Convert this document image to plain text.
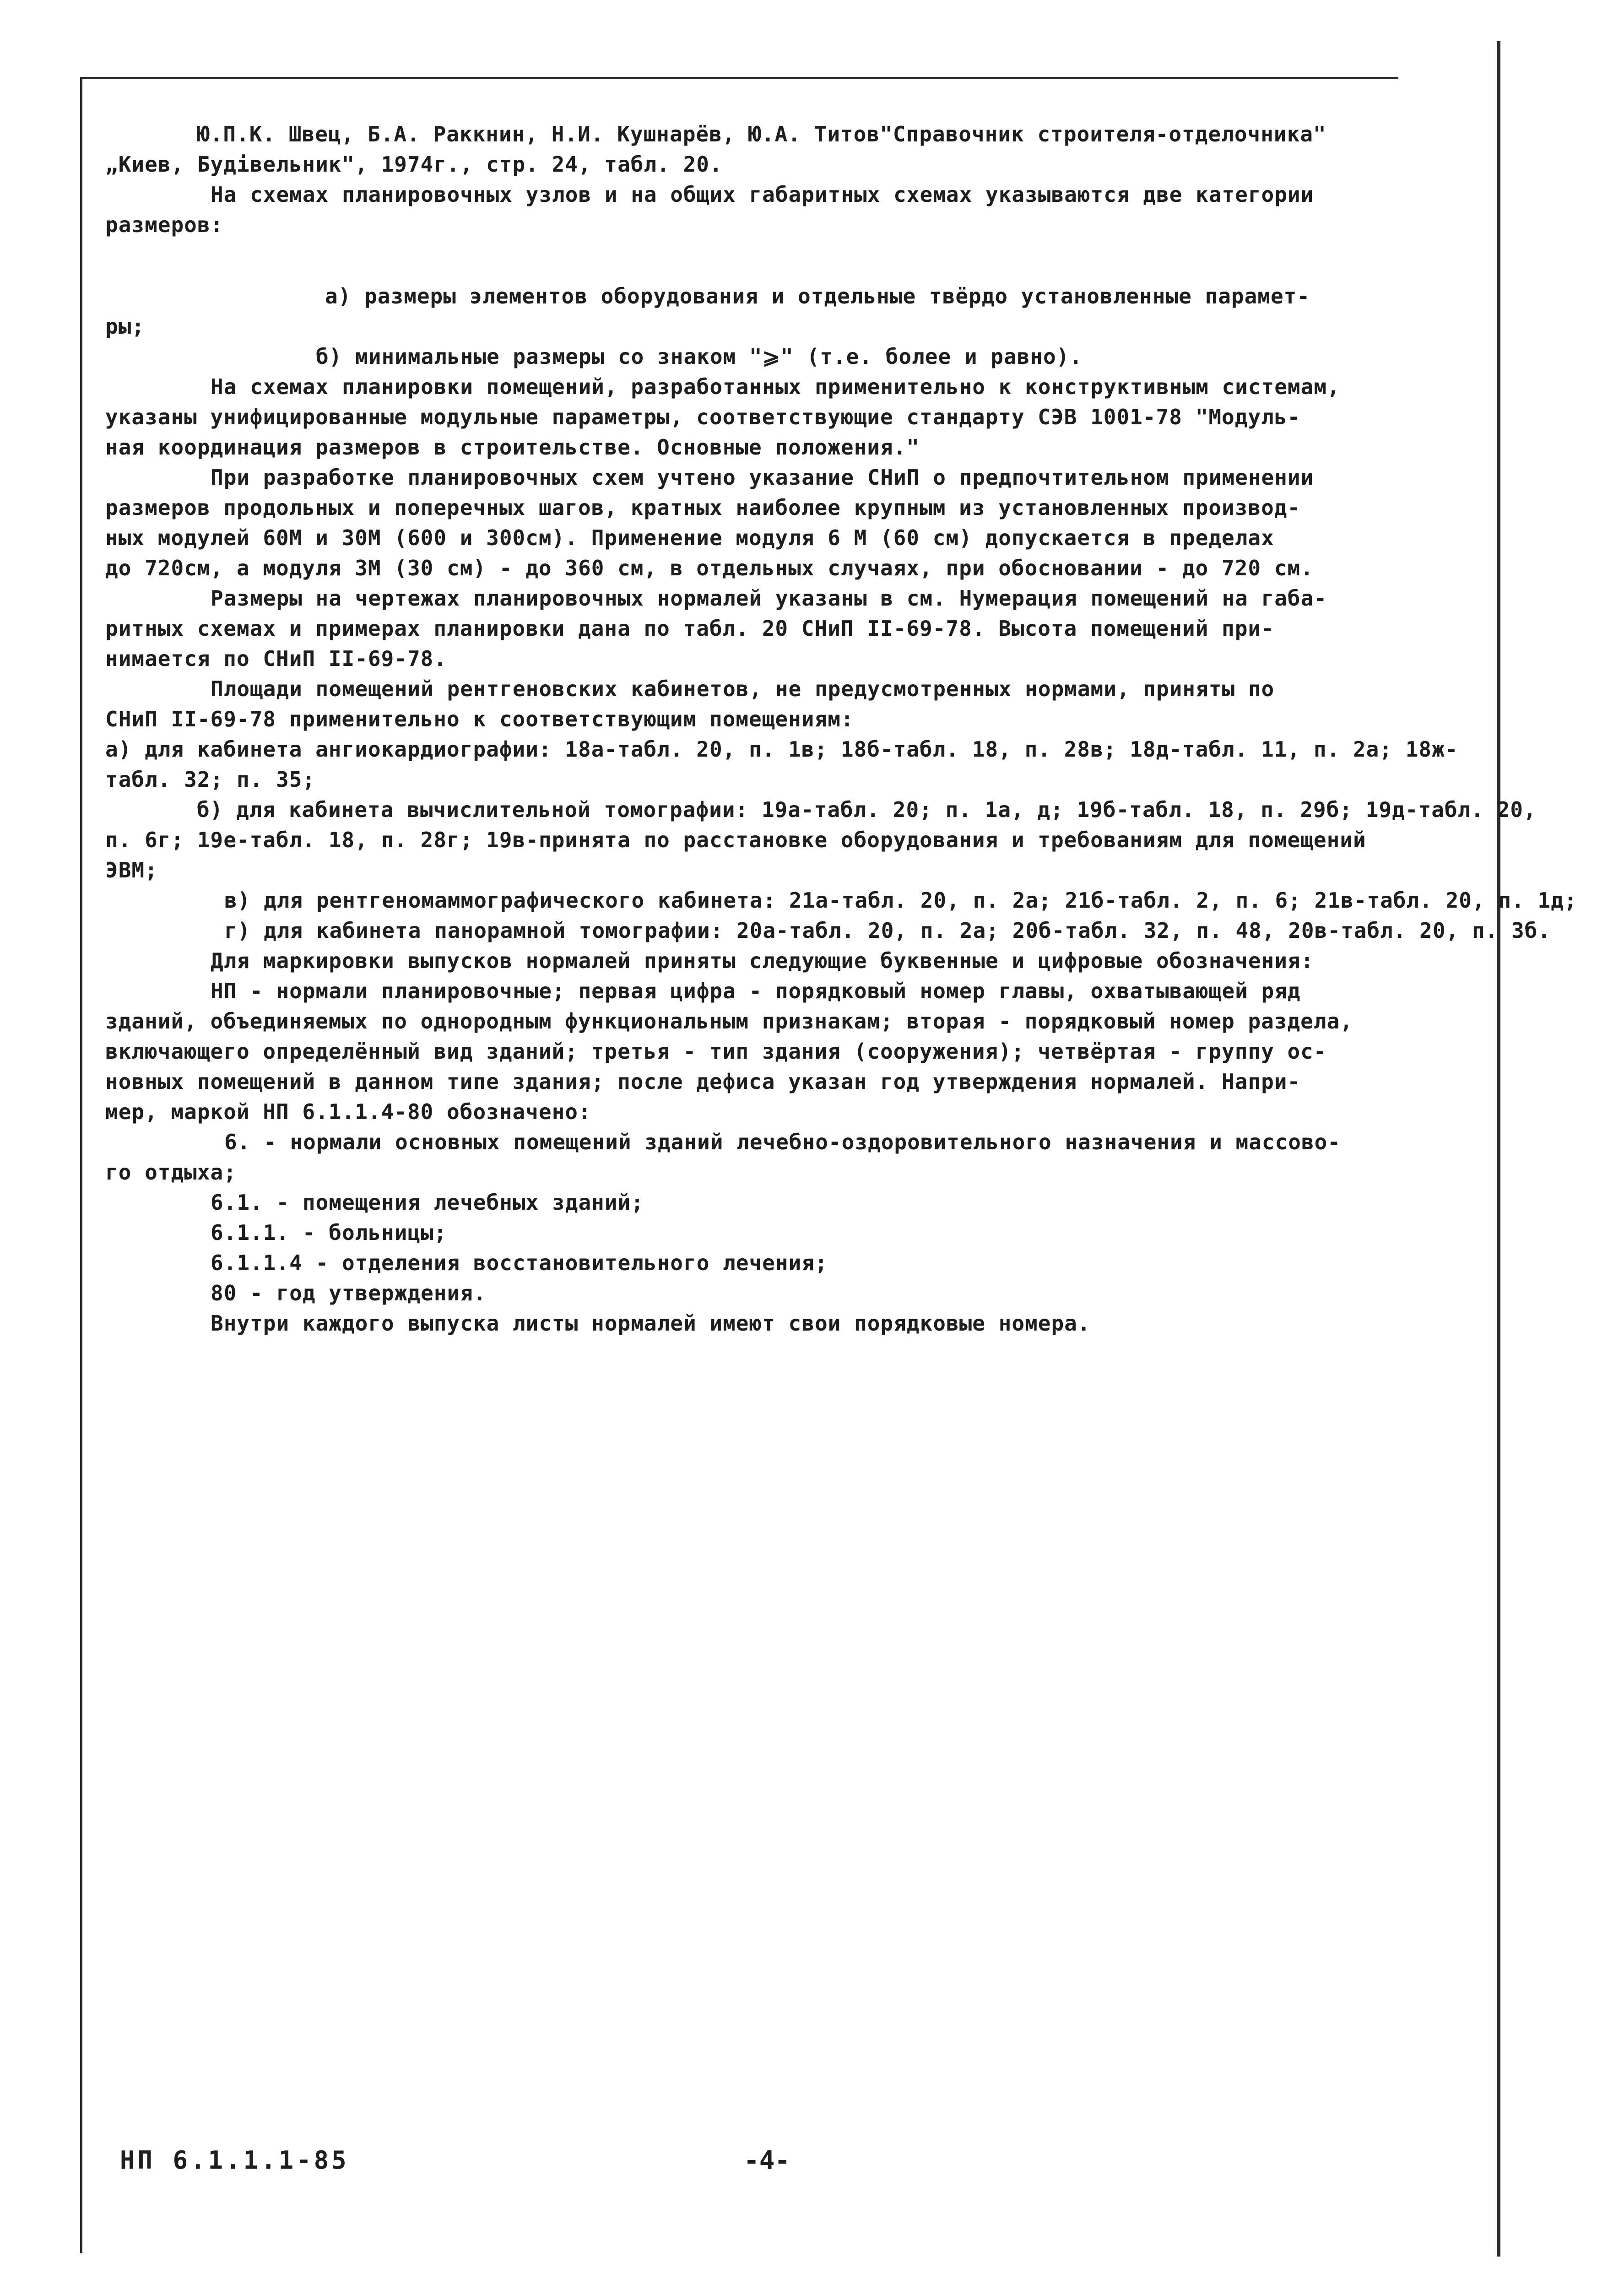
Ю.П.К. Швец, Б.А. Раккнин, Н.И. Кушнарёв, Ю.А. Титов"Справочник строителя-отделочника"
„Киев, Будівельник", 1974г., стр. 24, табл. 20.
На схемах планировочных узлов и на общих габаритных схемах указываются две категории
размеров:
а) размеры элементов оборудования и отдельные твёрдо установленные парамет-
ры;
б) минимальные размеры со знаком "⩾" (т.е. более и равно).
На схемах планировки помещений, разработанных применительно к конструктивным системам,
указаны унифицированные модульные параметры, соответствующие стандарту СЭВ 1001-78 "Модуль-
ная координация размеров в строительстве. Основные положения."
При разработке планировочных схем учтено указание СНиП о предпочтительном применении
размеров продольных и поперечных шагов, кратных наиболее крупным из установленных производ-
ных модулей 60М и 30М (600 и 300см). Применение модуля 6 М (60 см) допускается в пределах
до 720см, а модуля 3М (30 см) - до 360 см, в отдельных случаях, при обосновании - до 720 см.
Размеры на чертежах планировочных нормалей указаны в см. Нумерация помещений на габа-
ритных схемах и примерах планировки дана по табл. 20 СНиП II-69-78. Высота помещений при-
нимается по СНиП II-69-78.
Площади помещений рентгеновских кабинетов, не предусмотренных нормами, приняты по
СНиП II-69-78 применительно к соответствующим помещениям:
а) для кабинета ангиокардиографии: 18а-табл. 20, п. 1в; 18б-табл. 18, п. 28в; 18д-табл. 11, п. 2а; 18ж-
табл. 32; п. 35;
б) для кабинета вычислительной томографии: 19а-табл. 20; п. 1а, д; 19б-табл. 18, п. 29б; 19д-табл. 20,
п. 6г; 19е-табл. 18, п. 28г; 19в-принята по расстановке оборудования и требованиям для помещений
ЭВМ;
в) для рентгеномаммографического кабинета: 21а-табл. 20, п. 2а; 21б-табл. 2, п. 6; 21в-табл. 20, п. 1д;
г) для кабинета панорамной томографии: 20а-табл. 20, п. 2а; 20б-табл. 32, п. 48, 20в-табл. 20, п. 3б.
Для маркировки выпусков нормалей приняты следующие буквенные и цифровые обозначения:
НП - нормали планировочные; первая цифра - порядковый номер главы, охватывающей ряд
зданий, объединяемых по однородным функциональным признакам; вторая - порядковый номер раздела,
включающего определённый вид зданий; третья - тип здания (сооружения); четвёртая - группу ос-
новных помещений в данном типе здания; после дефиса указан год утверждения нормалей. Напри-
мер, маркой НП 6.1.1.4-80 обозначено:
6. - нормали основных помещений зданий лечебно-оздоровительного назначения и массово-
го отдыха;
6.1. - помещения лечебных зданий;
6.1.1. - больницы;
6.1.1.4 - отделения восстановительного лечения;
80 - год утверждения.
Внутри каждого выпуска листы нормалей имеют свои порядковые номера.
НП 6.1.1.1-85	-4-
